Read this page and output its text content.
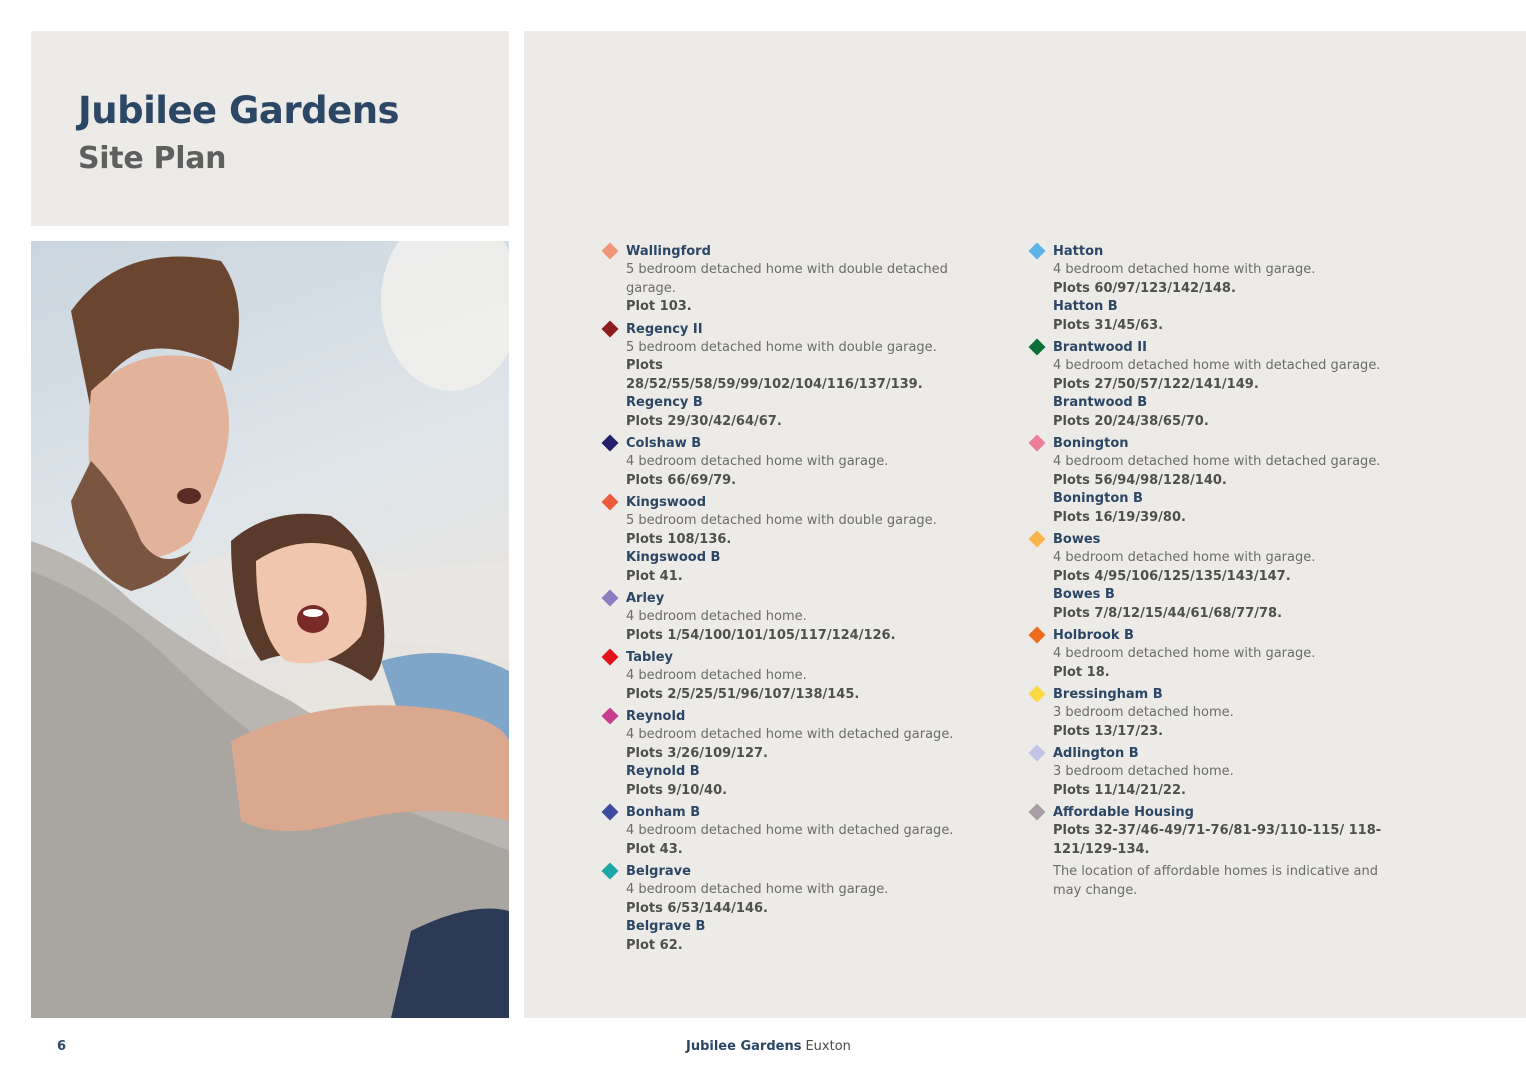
Jubilee Gardens
Site Plan
Wallingford
5 bedroom detached home with double detached garage.
Plot 103.
Regency II
5 bedroom detached home with double garage.
Plots 28/52/55/58/59/99/102/104/116/137/139.
Regency B
Plots 29/30/42/64/67.
Colshaw B
4 bedroom detached home with garage.
Plots 66/69/79.
Kingswood
5 bedroom detached home with double garage.
Plots 108/136.
Kingswood B
Plot 41.
Arley
4 bedroom detached home.
Plots 1/54/100/101/105/117/124/126.
Tabley
4 bedroom detached home.
Plots 2/5/25/51/96/107/138/145.
Reynold
4 bedroom detached home with detached garage.
Plots 3/26/109/127.
Reynold B
Plots 9/10/40.
Bonham B
4 bedroom detached home with detached garage.
Plot 43.
Belgrave
4 bedroom detached home with garage.
Plots 6/53/144/146.
Belgrave B
Plot 62.
Hatton
4 bedroom detached home with garage.
Plots 60/97/123/142/148.
Hatton B
Plots 31/45/63.
Brantwood II
4 bedroom detached home with detached garage.
Plots 27/50/57/122/141/149.
Brantwood B
Plots 20/24/38/65/70.
Bonington
4 bedroom detached home with detached garage.
Plots 56/94/98/128/140.
Bonington B
Plots 16/19/39/80.
Bowes
4 bedroom detached home with garage.
Plots 4/95/106/125/135/143/147.
Bowes B
Plots 7/8/12/15/44/61/68/77/78.
Holbrook B
4 bedroom detached home with garage.
Plot 18.
Bressingham B
3 bedroom detached home.
Plots 13/17/23.
Adlington B
3 bedroom detached home.
Plots 11/14/21/22.
Affordable Housing
Plots 32-37/46-49/71-76/81-93/110-115/ 118-121/129-134.
The location of affordable homes is indicative and may change.
6	Jubilee Gardens Euxton
